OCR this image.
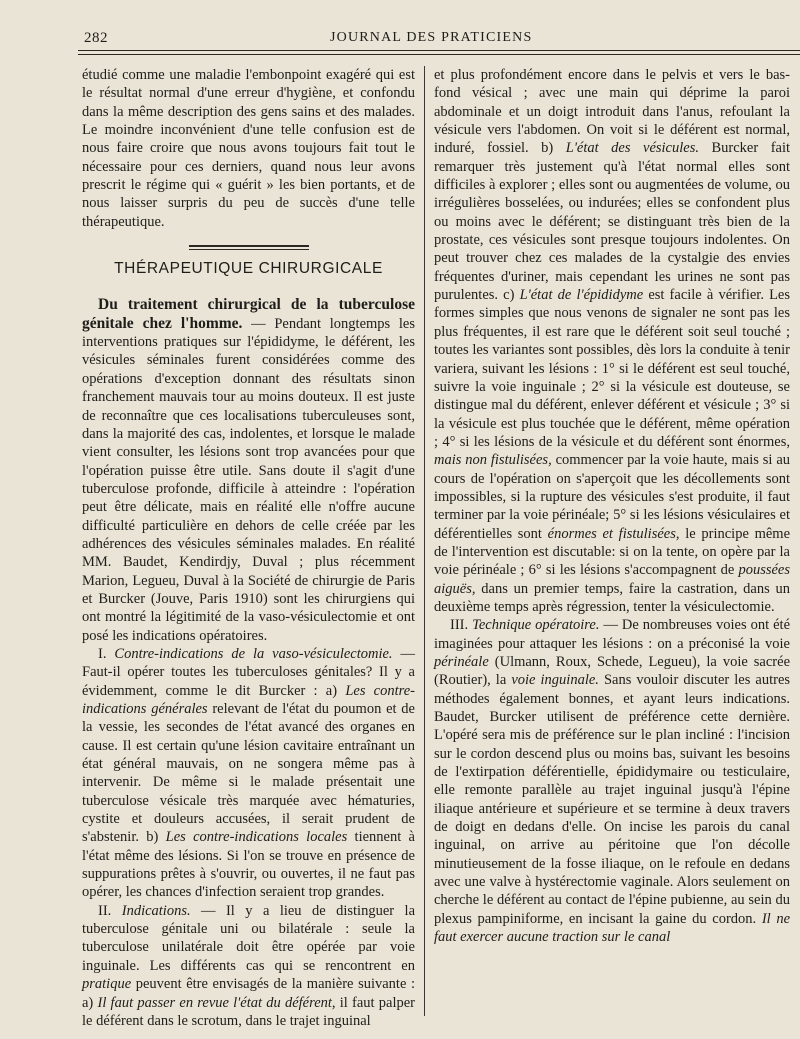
282	JOURNAL DES PRATICIENS

étudié comme une maladie l'embonpoint exagéré qui est le résultat normal d'une erreur d'hygiène, et confondu dans la même description des gens sains et des malades. Le moindre inconvénient d'une telle confusion est de nous faire croire que nous avons toujours fait tout le nécessaire pour ces derniers, quand nous leur avons prescrit le régime qui « guérit » les bien portants, et de nous laisser surpris du peu de succès d'une telle thérapeutique.

THÉRAPEUTIQUE CHIRURGICALE

Du traitement chirurgical de la tuberculose génitale chez l'homme. — Pendant longtemps les interventions pratiques sur l'épididyme, le déférent, les vésicules séminales furent considérées comme des opérations d'exception donnant des résultats sinon franchement mauvais tour au moins douteux. Il est juste de reconnaître que ces localisations tuberculeuses sont, dans la majorité des cas, indolentes, et lorsque le malade vient consulter, les lésions sont trop avancées pour que l'opération puisse être utile. Sans doute il s'agit d'une tuberculose profonde, difficile à atteindre : l'opération peut être délicate, mais en réalité elle n'offre aucune difficulté particulière en dehors de celle créée par les adhérences des vésicules séminales malades. En réalité MM. Baudet, Kendirdjy, Duval ; plus récemment Marion, Legueu, Duval à la Société de chirurgie de Paris et Burcker (Jouve, Paris 1910) sont les chirurgiens qui ont montré la légitimité de la vaso-vésiculectomie et ont posé les indications opératoires.

I. Contre-indications de la vaso-vésiculectomie. — Faut-il opérer toutes les tuberculoses génitales? Il y a évidemment, comme le dit Burcker : a) Les contre-indications générales relevant de l'état du poumon et de la vessie, les secondes de l'état avancé des organes en cause. Il est certain qu'une lésion cavitaire entraînant un état général mauvais, on ne songera même pas à intervenir. De même si le malade présentait une tuberculose vésicale très marquée avec hématuries, cystite et douleurs accusées, il serait prudent de s'abstenir. b) Les contre-indications locales tiennent à l'état même des lésions. Si l'on se trouve en présence de suppurations prêtes à s'ouvrir, ou ouvertes, il ne faut pas opérer, les chances d'infection seraient trop grandes.

II. Indications. — Il y a lieu de distinguer la tuberculose génitale uni ou bilatérale : seule la tuberculose unilatérale doit être opérée par voie inguinale. Les différents cas qui se rencontrent en pratique peuvent être envisagés de la manière suivante : a) Il faut passer en revue l'état du déférent, il faut palper le déférent dans le scrotum, dans le trajet inguinal

et plus profondément encore dans le pelvis et vers le bas-fond vésical ; avec une main qui déprime la paroi abdominale et un doigt introduit dans l'anus, refoulant la vésicule vers l'abdomen. On voit si le déférent est normal, induré, fossiel. b) L'état des vésicules. Burcker fait remarquer très justement qu'à l'état normal elles sont difficiles à explorer ; elles sont ou augmentées de volume, ou irrégulières bosselées, ou indurées; elles se confondent plus ou moins avec le déférent; se distinguant très bien de la prostate, ces vésicules sont presque toujours indolentes. On peut trouver chez ces malades de la cystalgie des envies fréquentes d'uriner, mais cependant les urines ne sont pas purulentes. c) L'état de l'épididyme est facile à vérifier. Les formes simples que nous venons de signaler ne sont pas les plus fréquentes, il est rare que le déférent soit seul touché ; toutes les variantes sont possibles, dès lors la conduite à tenir variera, suivant les lésions : 1° si le déférent est seul touché, suivre la voie inguinale ; 2° si la vésicule est douteuse, se distingue mal du déférent, enlever déférent et vésicule ; 3° si la vésicule est plus touchée que le déférent, même opération ; 4° si les lésions de la vésicule et du déférent sont énormes, mais non fistulisées, commencer par la voie haute, mais si au cours de l'opération on s'aperçoit que les décollements sont impossibles, si la rupture des vésicules s'est produite, il faut terminer par la voie périnéale; 5° si les lésions vésiculaires et déférentielles sont énormes et fistulisées, le principe même de l'intervention est discutable: si on la tente, on opère par la voie périnéale ; 6° si les lésions s'accompagnent de poussées aiguës, dans un premier temps, faire la castration, dans un deuxième temps après régression, tenter la vésiculectomie.

III. Technique opératoire. — De nombreuses voies ont été imaginées pour attaquer les lésions : on a préconisé la voie périnéale (Ulmann, Roux, Schede, Legueu), la voie sacrée (Routier), la voie inguinale. Sans vouloir discuter les autres méthodes également bonnes, et ayant leurs indications. Baudet, Burcker utilisent de préférence cette dernière. L'opéré sera mis de préférence sur le plan incliné : l'incision sur le cordon descend plus ou moins bas, suivant les besoins de l'extirpation déférentielle, épididymaire ou testiculaire, elle remonte parallèle au trajet inguinal jusqu'à l'épine iliaque antérieure et supérieure et se termine à deux travers de doigt en dedans d'elle. On incise les parois du canal inguinal, on arrive au péritoine que l'on décolle minutieusement de la fosse iliaque, on le refoule en dedans avec une valve à hystérectomie vaginale. Alors seulement on cherche le déférent au contact de l'épine pubienne, au sein du plexus pampiniforme, en incisant la gaine du cordon. Il ne faut exercer aucune traction sur le canal
